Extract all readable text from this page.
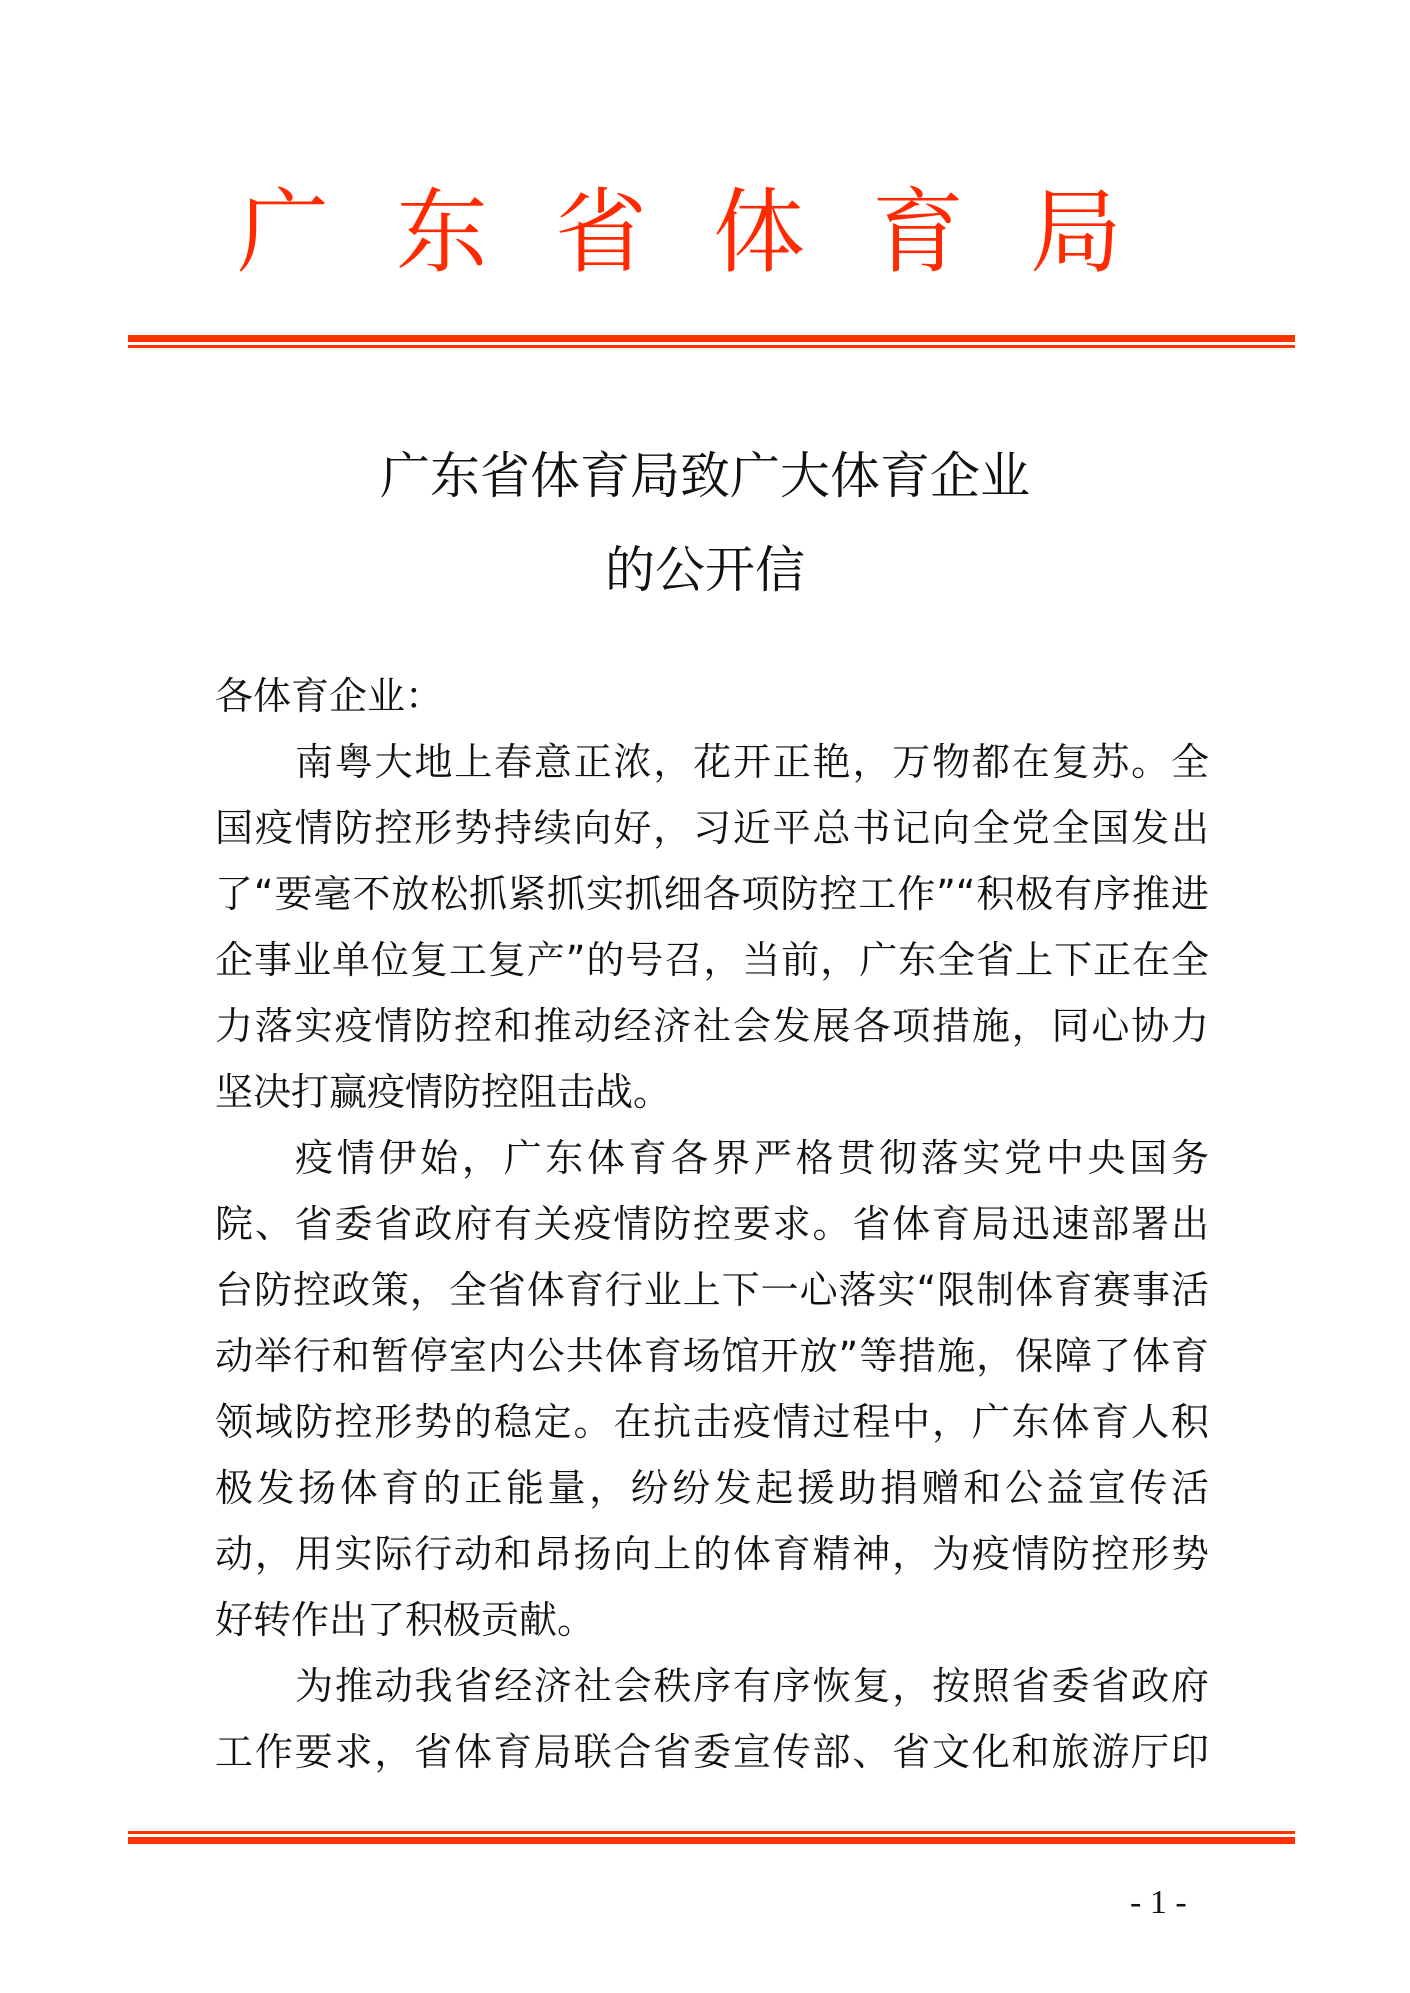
广 东 省 体 育 局
广东省体育局致广大体育企业
的公开信
各体育企业：
南粤大地上春意正浓，花开正艳，万物都在复苏。全
国疫情防控形势持续向好，习近平总书记向全党全国发出
了“要毫不放松抓紧抓实抓细各项防控工作”“积极有序推进
企事业单位复工复产”的号召，当前，广东全省上下正在全
力落实疫情防控和推动经济社会发展各项措施，同心协力
坚决打赢疫情防控阻击战。
疫情伊始，广东体育各界严格贯彻落实党中央国务
院、省委省政府有关疫情防控要求。省体育局迅速部署出
台防控政策，全省体育行业上下一心落实“限制体育赛事活
动举行和暂停室内公共体育场馆开放”等措施，保障了体育
领域防控形势的稳定。在抗击疫情过程中，广东体育人积
极发扬体育的正能量，纷纷发起援助捐赠和公益宣传活
动，用实际行动和昂扬向上的体育精神，为疫情防控形势
好转作出了积极贡献。
为推动我省经济社会秩序有序恢复，按照省委省政府
工作要求，省体育局联合省委宣传部、省文化和旅游厅印
- 1 -
